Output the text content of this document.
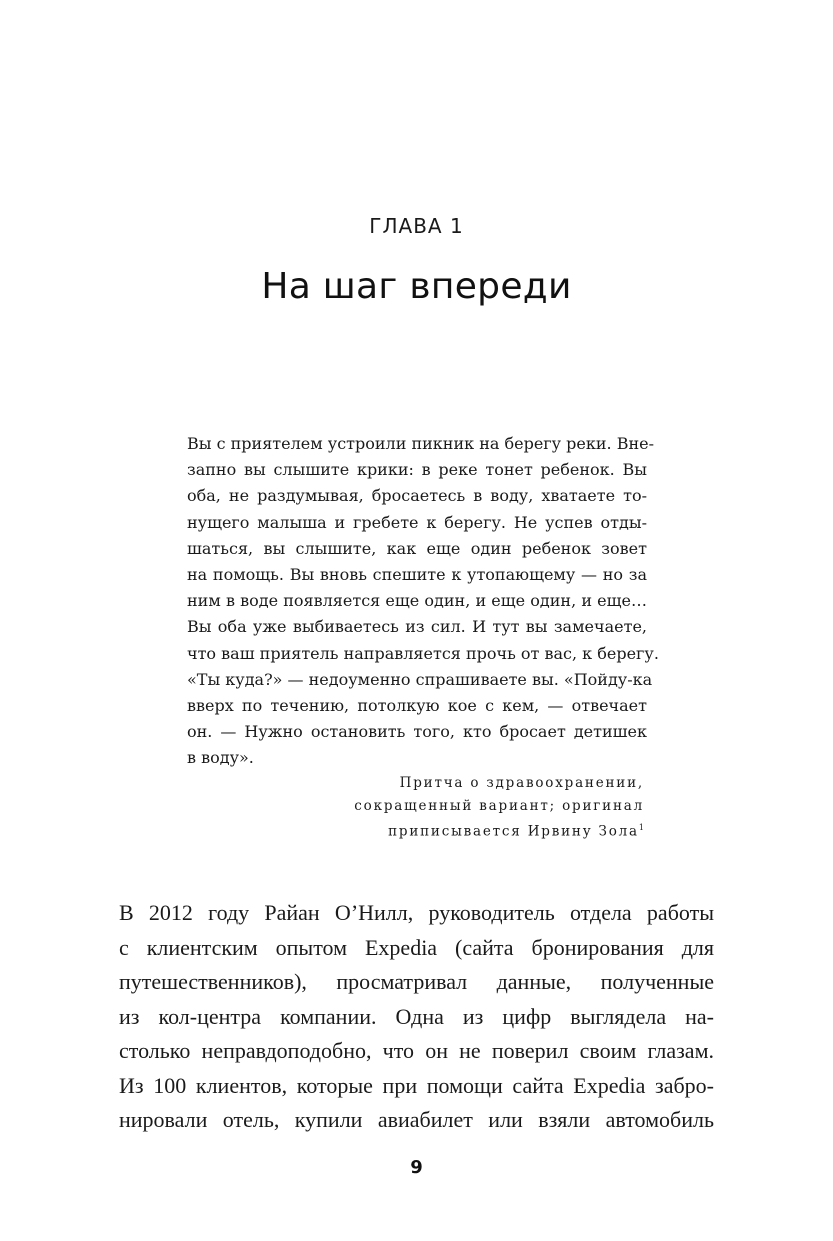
ГЛАВА 1
На шаг впереди
Вы с приятелем устроили пикник на берегу реки. Вне-
запно вы слышите крики: в реке тонет ребенок. Вы
оба, не раздумывая, бросаетесь в воду, хватаете то-
нущего малыша и гребете к берегу. Не успев отды-
шаться, вы слышите, как еще один ребенок зовет
на помощь. Вы вновь спешите к утопающему — но за
ним в воде появляется еще один, и еще один, и еще…
Вы оба уже выбиваетесь из сил. И тут вы замечаете,
что ваш приятель направляется прочь от вас, к берегу.
«Ты куда?» — недоуменно спрашиваете вы. «Пойду-ка
вверх по течению, потолкую кое с кем, — отвечает
он. — Нужно остановить того, кто бросает детишек
в воду».
Притча о здравоохранении,
сокращенный вариант; оригинал
приписывается Ирвину Зола$^1$
В 2012 году Райан О’Нилл, руководитель отдела работы
с клиентским опытом Expedia (сайта бронирования для
путешественников), просматривал данные, полученные
из кол-центра компании. Одна из цифр выглядела на-
столько неправдоподобно, что он не поверил своим глазам.
Из 100 клиентов, которые при помощи сайта Expedia забро-
нировали отель, купили авиабилет или взяли автомобиль
9
